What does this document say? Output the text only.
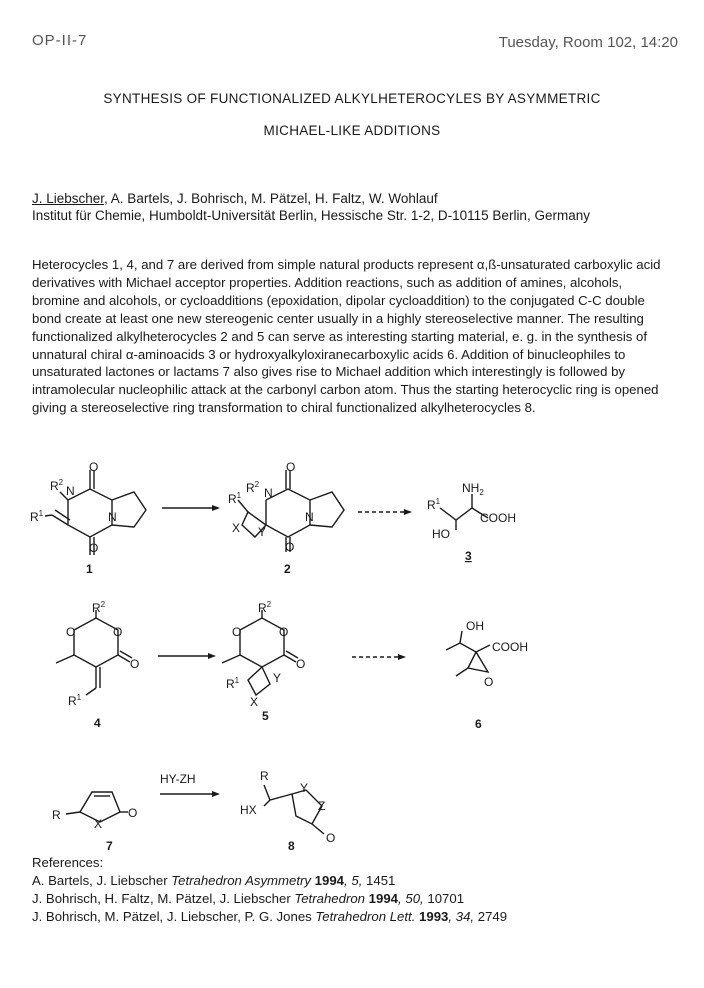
OP-II-7	Tuesday, Room 102, 14:20
SYNTHESIS OF FUNCTIONALIZED ALKYLHETEROCYLES BY ASYMMETRIC
MICHAEL-LIKE ADDITIONS
J. Liebscher, A. Bartels, J. Bohrisch, M. Pätzel, H. Faltz, W. Wohlauf
Institut für Chemie, Humboldt-Universität Berlin, Hessische Str. 1-2, D-10115 Berlin, Germany
Heterocycles 1, 4, and 7 are derived from simple natural products represent α,ß-unsaturated carboxylic acid derivatives with Michael acceptor properties. Addition reactions, such as addition of amines, alcohols, bromine and alcohols, or cycloadditions (epoxidation, dipolar cycloaddition) to the conjugated C-C double bond create at least one new stereogenic center usually in a highly stereoselective manner. The resulting functionalized alkylheterocycles 2 and 5 can serve as interesting starting material, e. g. in the synthesis of unnatural chiral α-aminoacids 3 or hydroxyalkyloxiranecarboxylic acids 6. Addition of binucleophiles to unsaturated lactones or lactams 7 also gives rise to Michael addition which interestingly is followed by intramolecular nucleophilic attack at the carbonyl carbon atom. Thus the starting heterocyclic ring is opened giving a stereoselective ring transformation to chiral functionalized alkylheterocycles 8.
O
O
N
N
$R^2$
$R^1$
1
O
O
N
N
$R^2$
$R^1$
X Y
2
$NH_2$
$R^1$
COOH
HO
3
$R^2$
O	O
O
$R^1$
4
$R^2$
O	O
O
$R^1$	Y
X
5
OH
COOH
O
6
R
X
O
7
HY-ZH	R
HX
Y
Z
O
8
References:
A. Bartels, J. Liebscher Tetrahedron Asymmetry 1994, 5, 1451
J. Bohrisch, H. Faltz, M. Pätzel, J. Liebscher Tetrahedron 1994, 50, 10701
J. Bohrisch, M. Pätzel, J. Liebscher, P. G. Jones Tetrahedron Lett. 1993, 34, 2749
